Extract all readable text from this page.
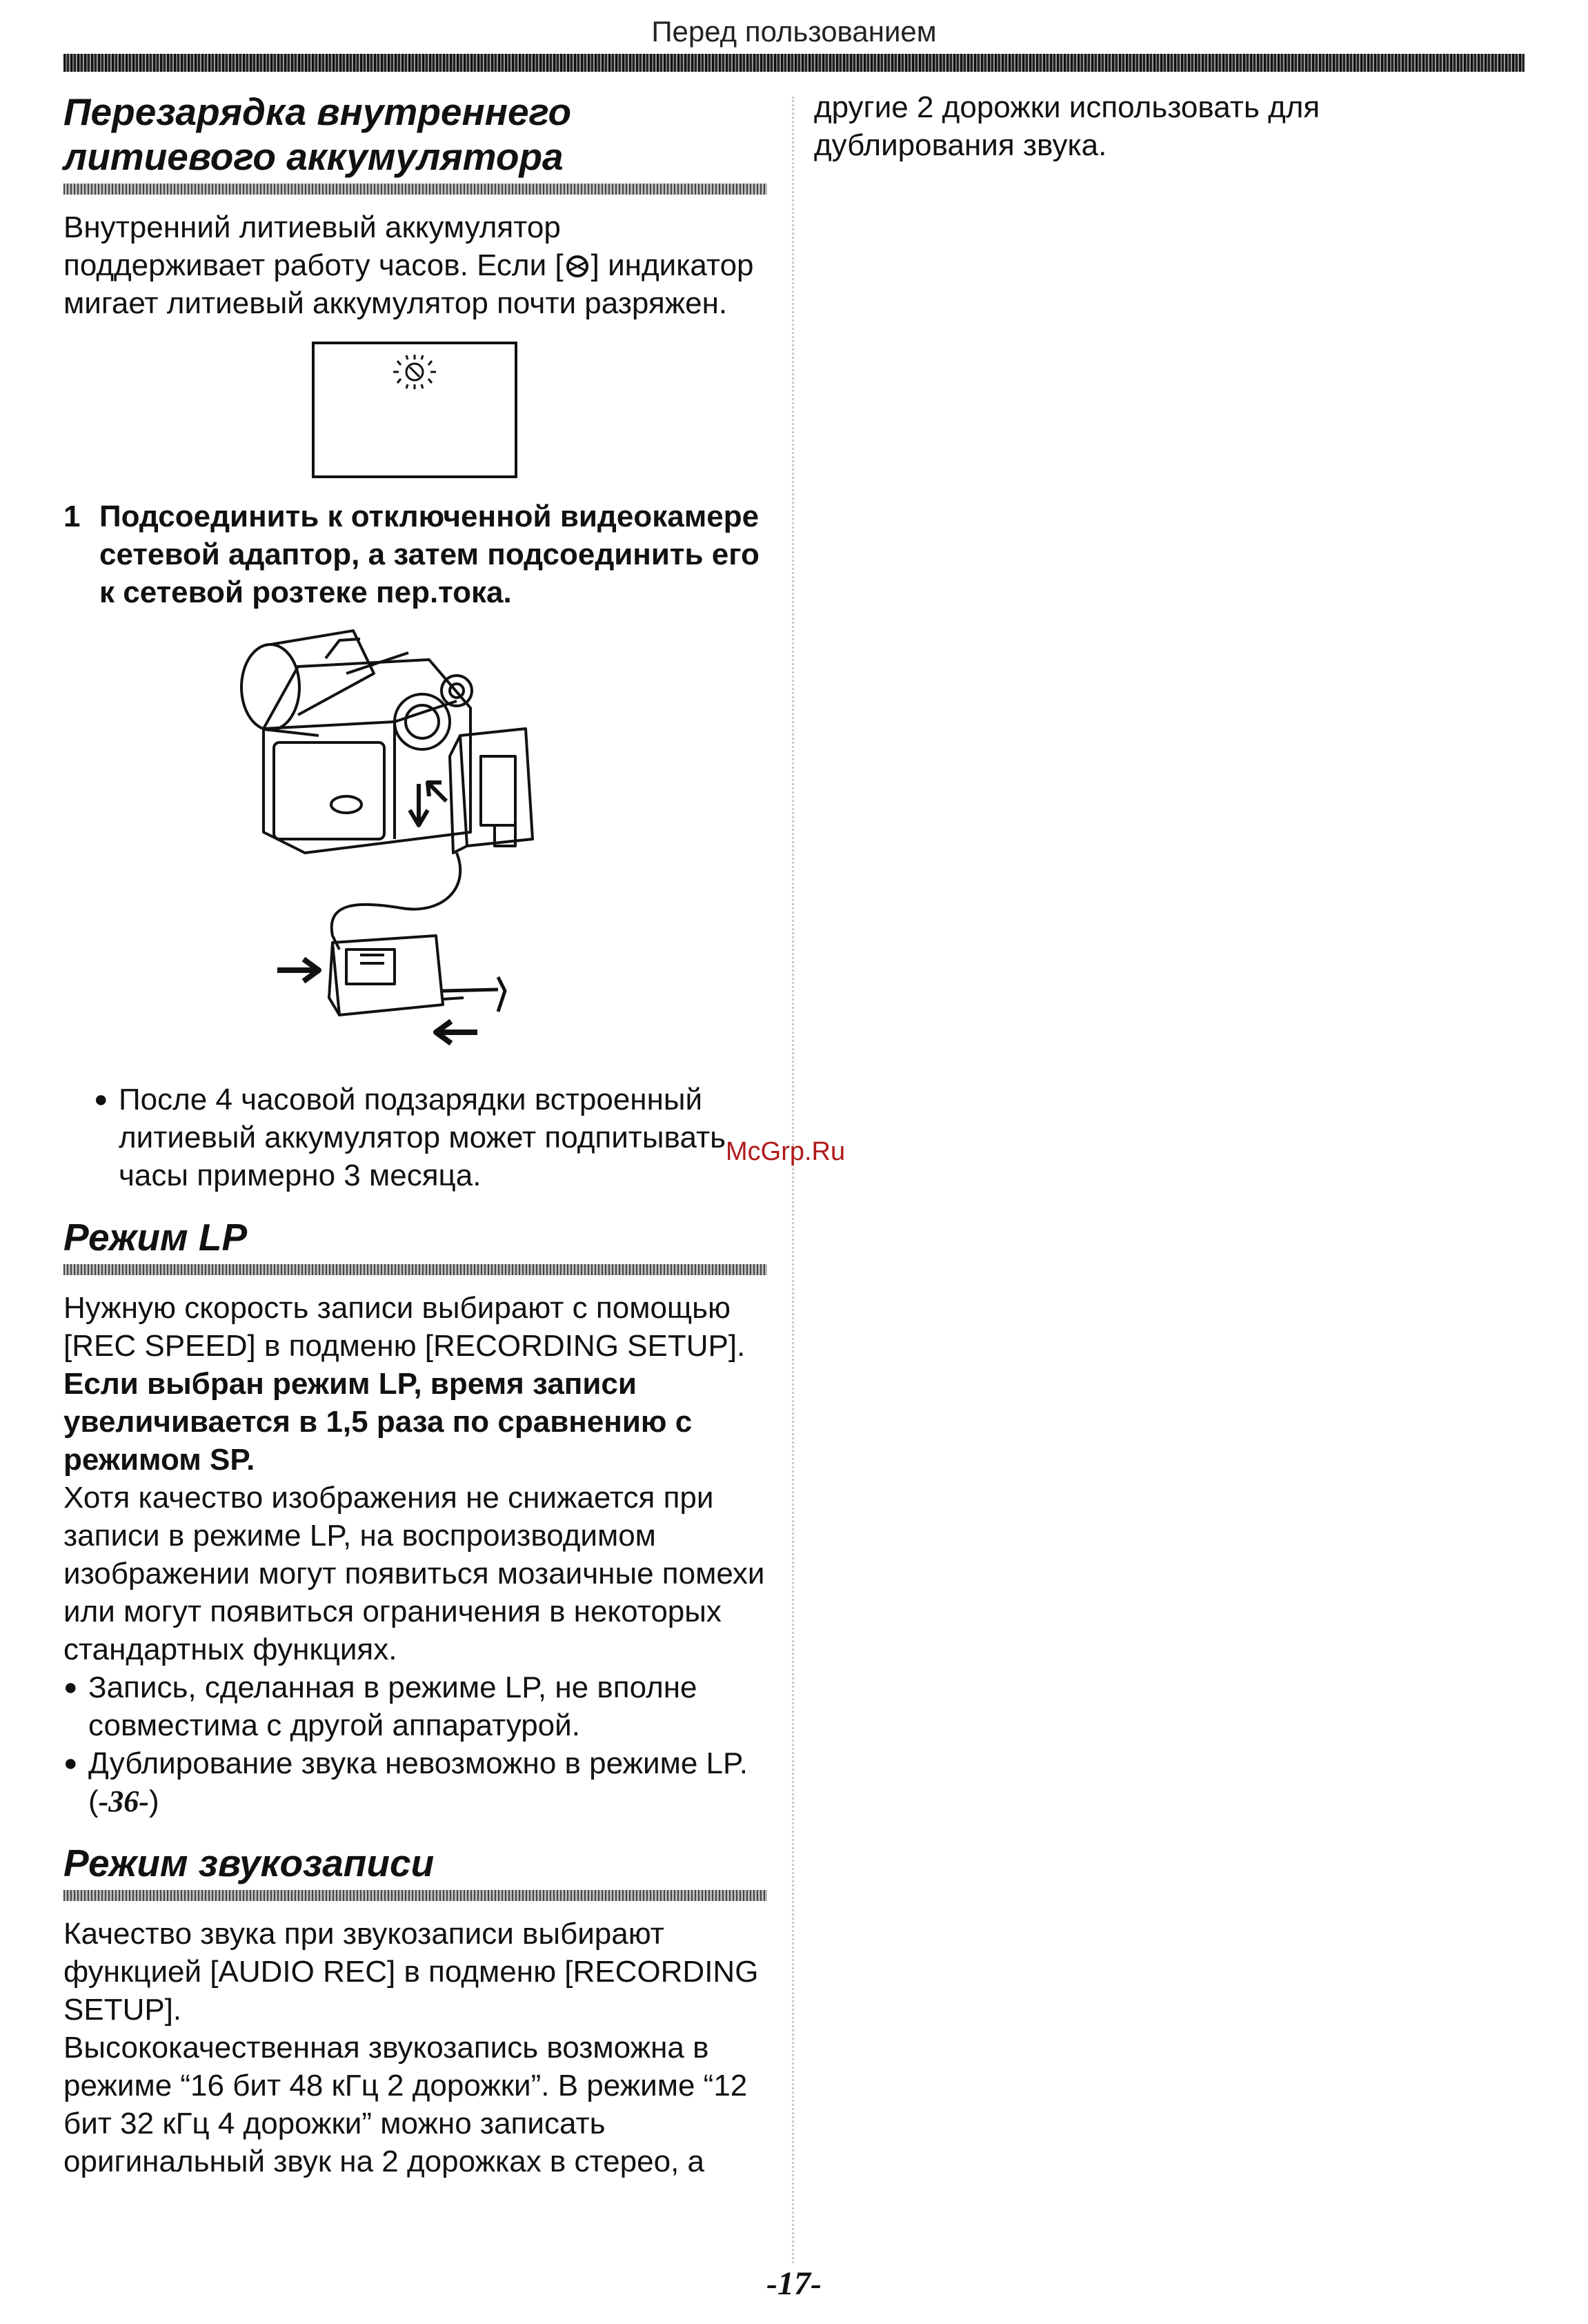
Перед пользованием
Перезарядка внутреннего
литиевого аккумулятора

Внутренний литиевый аккумулятор поддерживает работу часов. Если [ ] индикатор мигает литиевый аккумулятор почти разряжен.

1 Подсоединить к отключенной видеокамере сетевой адаптор, а затем подсоединить его к сетевой розтеке пер.тока.

● После 4 часовой подзарядки встроенный литиевый аккумулятор может подпитывать часы примерно 3 месяца.

Режим LP

Нужную скорость записи выбирают с помощью [REC SPEED] в подменю [RECORDING SETUP].

Если выбран режим LP, время записи увеличивается в 1,5 раза по сравнению с режимом SP.

Хотя качество изображения не снижается при записи в режиме LP, на воспроизводимом изображении могут появиться мозаичные помехи или могут появиться ограничения в некоторых стандартных функциях.

● Запись, сделанная в режиме LP, не вполне совместима с другой аппаратурой.

● Дублирование звука невозможно в режиме LP. (-36-)

Режим звукозаписи

Качество звука при звукозаписи выбирают функцией [AUDIO REC] в подменю [RECORDING SETUP].

Высококачественная звукозапись возможна в режиме “16 бит 48 кГц 2 дорожки”. В режиме “12 бит 32 кГц 4 дорожки” можно записать оригинальный звук на 2 дорожках в стерео, а

другие 2 дорожки использовать для дублирования звука.

McGrp.Ru
-17-
